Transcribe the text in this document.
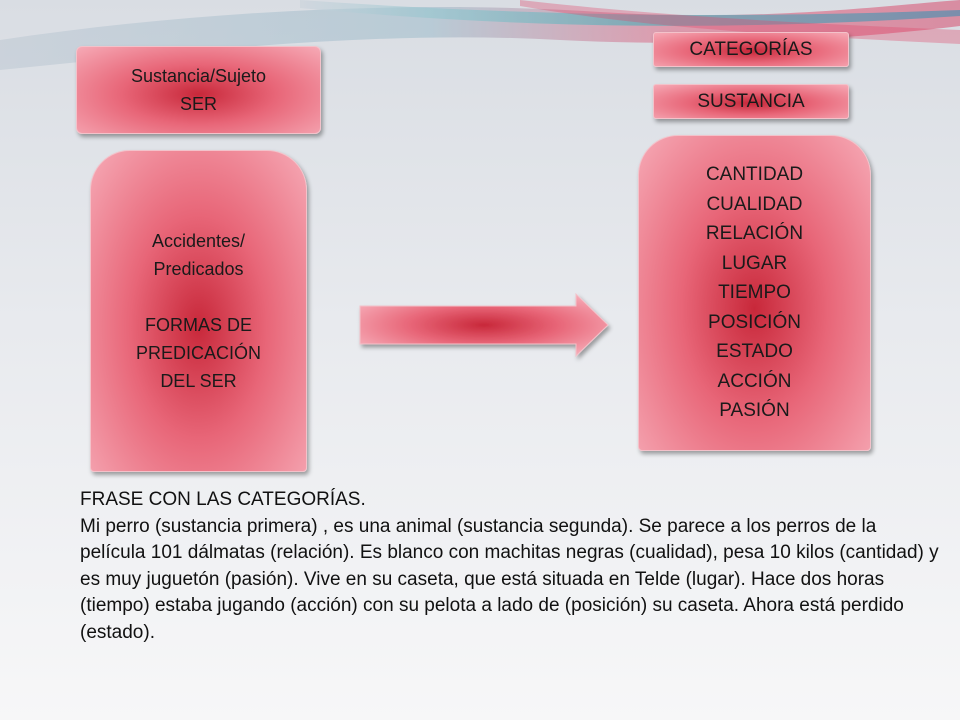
Sustancia/Sujeto
SER
Accidentes/
Predicados
FORMAS DE
PREDICACIÓN
DEL SER
CATEGORÍAS
SUSTANCIA
CANTIDAD
CUALIDAD
RELACIÓN
LUGAR
TIEMPO
POSICIÓN
ESTADO
ACCIÓN
PASIÓN

FRASE CON LAS CATEGORÍAS.

Mi perro (sustancia primera) , es una animal (sustancia segunda). Se parece a los perros de la película 101 dálmatas (relación). Es blanco con machitas negras (cualidad), pesa 10 kilos (cantidad) y es muy juguetón (pasión). Vive en su caseta, que está situada en Telde (lugar). Hace dos horas (tiempo) estaba jugando (acción) con su pelota a lado de (posición) su caseta. Ahora está perdido (estado).
